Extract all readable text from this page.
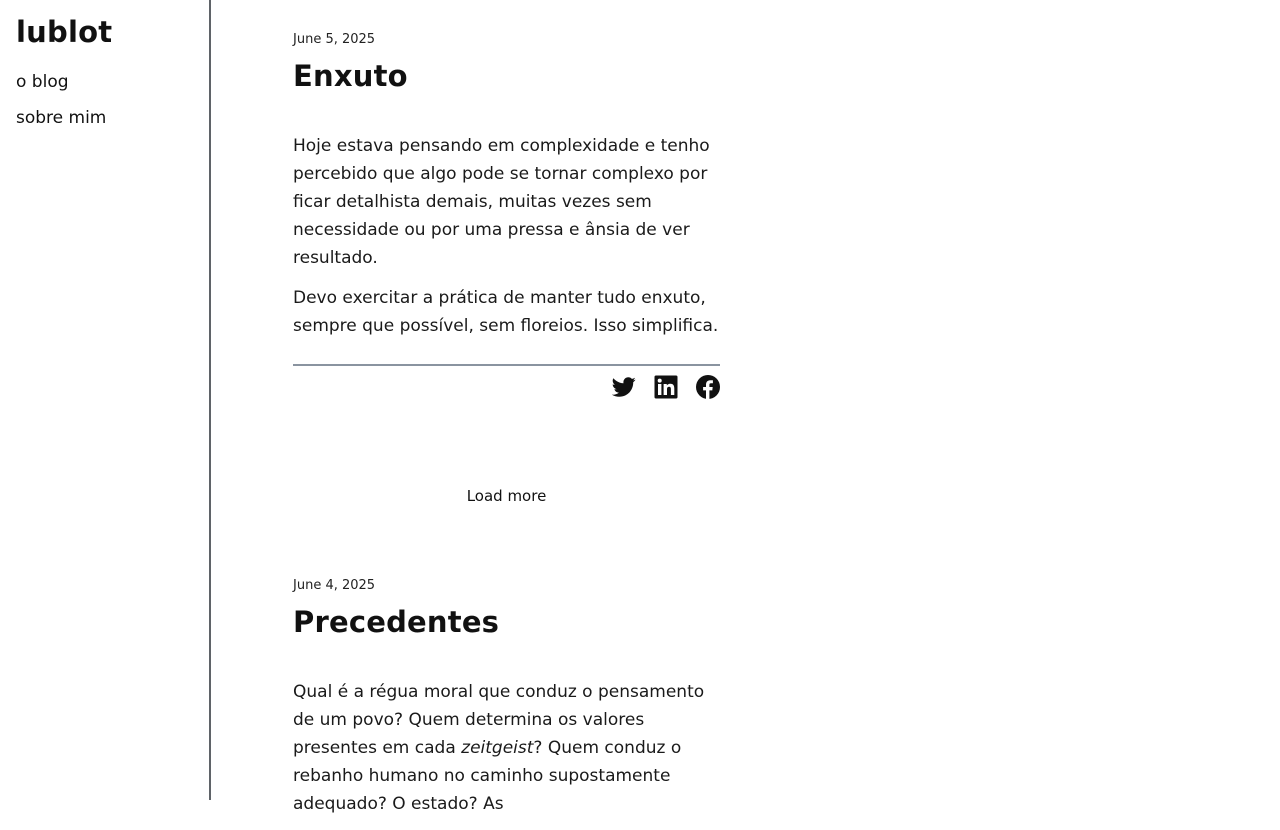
lublot
o blog
sobre mim
June 5, 2025
Enxuto

Hoje estava pensando em complexidade e tenho percebido que algo pode se tornar complexo por ficar detalhista demais, muitas vezes sem necessidade ou por uma pressa e ânsia de ver resultado.

Devo exercitar a prática de manter tudo enxuto, sempre que possível, sem floreios. Isso simplifica.

Load more
June 4, 2025
Precedentes

Qual é a régua moral que conduz o pensamento de um povo? Quem determina os valores presentes em cada zeitgeist? Quem conduz o rebanho humano no caminho supostamente adequado? O estado? As
